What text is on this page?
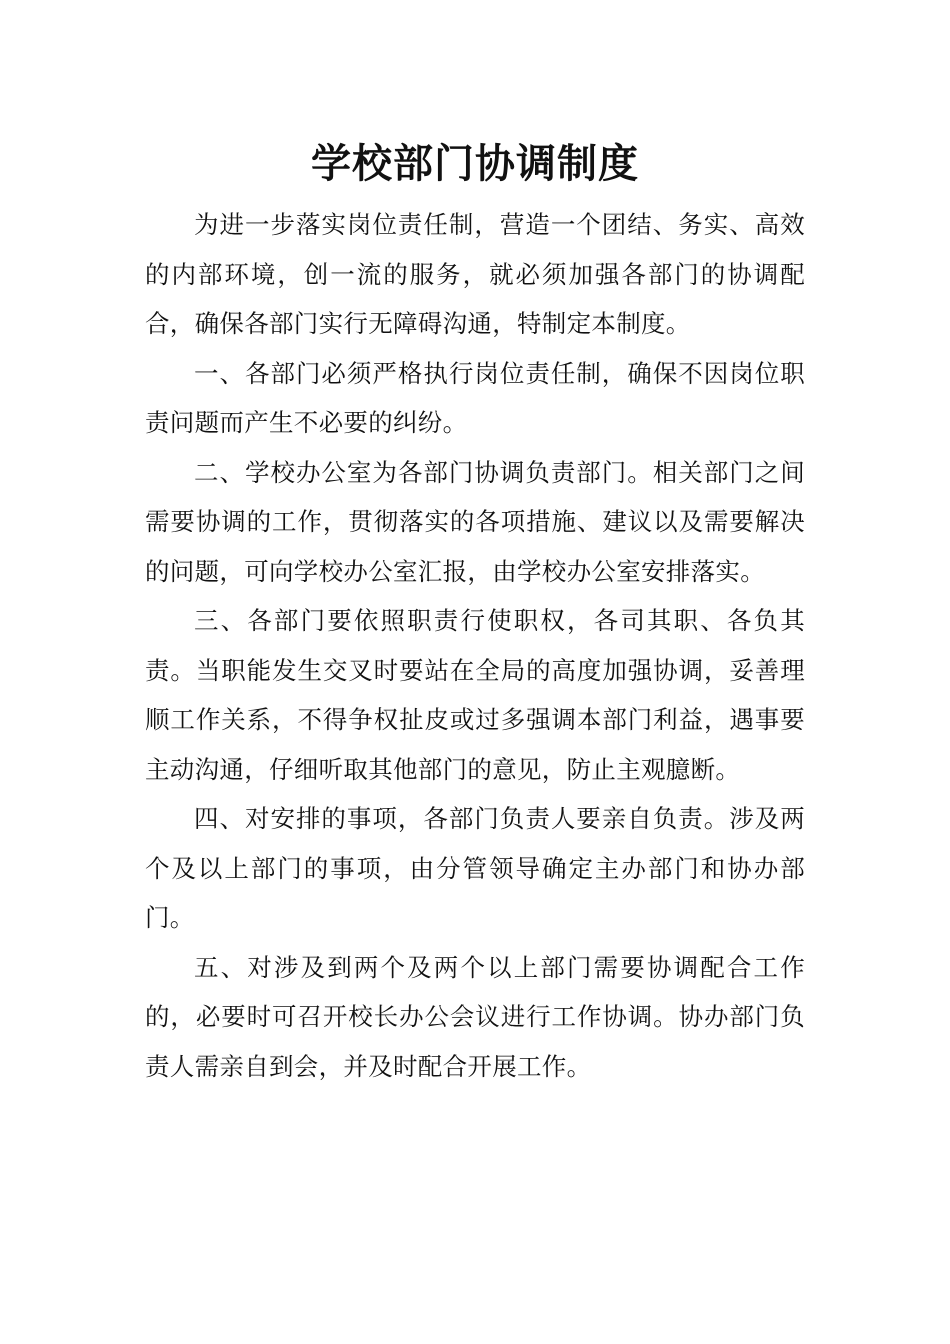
学校部门协调制度

为进一步落实岗位责任制，营造一个团结、务实、高效的内部环境，创一流的服务，就必须加强各部门的协调配合，确保各部门实行无障碍沟通，特制定本制度。

一、各部门必须严格执行岗位责任制，确保不因岗位职责问题而产生不必要的纠纷。

二、学校办公室为各部门协调负责部门。相关部门之间需要协调的工作，贯彻落实的各项措施、建议以及需要解决的问题，可向学校办公室汇报，由学校办公室安排落实。

三、各部门要依照职责行使职权，各司其职、各负其责。当职能发生交叉时要站在全局的高度加强协调，妥善理顺工作关系，不得争权扯皮或过多强调本部门利益，遇事要主动沟通，仔细听取其他部门的意见，防止主观臆断。

四、对安排的事项，各部门负责人要亲自负责。涉及两个及以上部门的事项，由分管领导确定主办部门和协办部门。

五、对涉及到两个及两个以上部门需要协调配合工作的，必要时可召开校长办公会议进行工作协调。协办部门负责人需亲自到会，并及时配合开展工作。
